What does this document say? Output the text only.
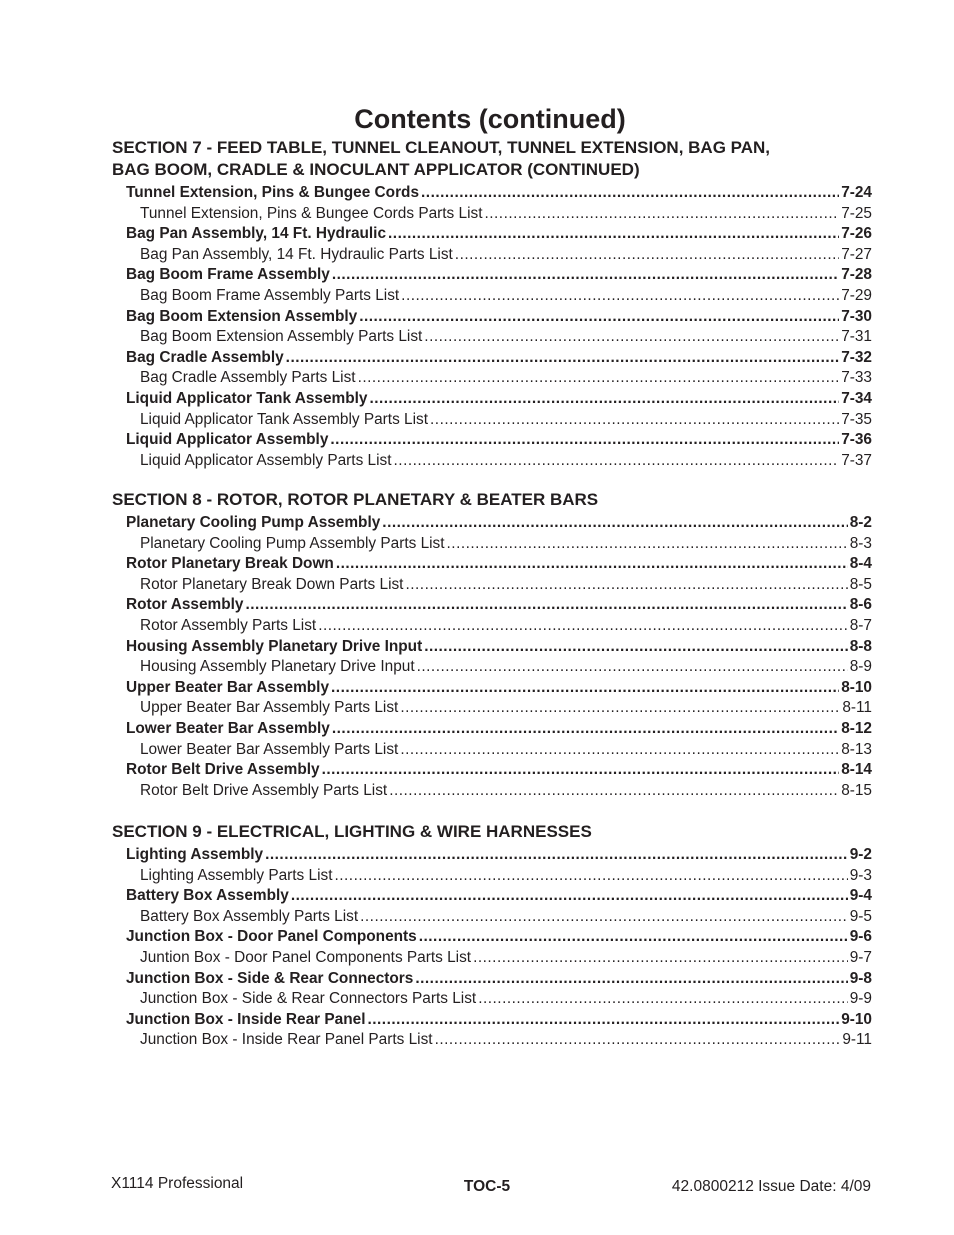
Contents (continued)
SECTION 7 - FEED TABLE, TUNNEL CLEANOUT, TUNNEL EXTENSION, BAG PAN,
BAG BOOM, CRADLE & INOCULANT APPLICATOR (CONTINUED)
Tunnel Extension, Pins & Bungee Cords .....	7-24
Tunnel Extension, Pins & Bungee Cords Parts List .....	7-25
Bag Pan Assembly, 14 Ft. Hydraulic .....	7-26
Bag Pan Assembly, 14 Ft. Hydraulic Parts List .....	7-27
Bag Boom Frame Assembly .....	7-28
Bag Boom Frame Assembly Parts List .....	7-29
Bag Boom Extension Assembly .....	7-30
Bag Boom Extension Assembly Parts List .....	7-31
Bag Cradle Assembly .....	7-32
Bag Cradle Assembly Parts List .....	7-33
Liquid Applicator Tank Assembly .....	7-34
Liquid Applicator Tank Assembly Parts List .....	7-35
Liquid Applicator Assembly .....	7-36
Liquid Applicator Assembly Parts List .....	7-37
SECTION 8 - ROTOR, ROTOR PLANETARY & BEATER BARS
Planetary Cooling Pump Assembly .....	8-2
Planetary Cooling Pump Assembly Parts List .....	8-3
Rotor Planetary Break Down .....	8-4
Rotor Planetary Break Down Parts List .....	8-5
Rotor Assembly .....	8-6
Rotor Assembly Parts List .....	8-7
Housing Assembly Planetary Drive Input .....	8-8
Housing Assembly Planetary Drive Input .....	8-9
Upper Beater Bar Assembly .....	8-10
Upper Beater Bar Assembly Parts List .....	8-11
Lower Beater Bar Assembly .....	8-12
Lower Beater Bar Assembly Parts List .....	8-13
Rotor Belt Drive Assembly .....	8-14
Rotor Belt Drive Assembly Parts List .....	8-15
SECTION 9 - ELECTRICAL, LIGHTING & WIRE HARNESSES
Lighting Assembly .....	9-2
Lighting Assembly Parts List .....	9-3
Battery Box Assembly .....	9-4
Battery Box Assembly Parts List .....	9-5
Junction Box - Door Panel Components .....	9-6
Juntion Box - Door Panel Components Parts List .....	9-7
Junction Box - Side & Rear Connectors .....	9-8
Junction Box - Side & Rear Connectors Parts List .....	9-9
Junction Box - Inside Rear Panel .....	9-10
Junction Box - Inside Rear Panel Parts List .....	9-11
X1114 Professional	TOC-5	42.0800212 Issue Date: 4/09
